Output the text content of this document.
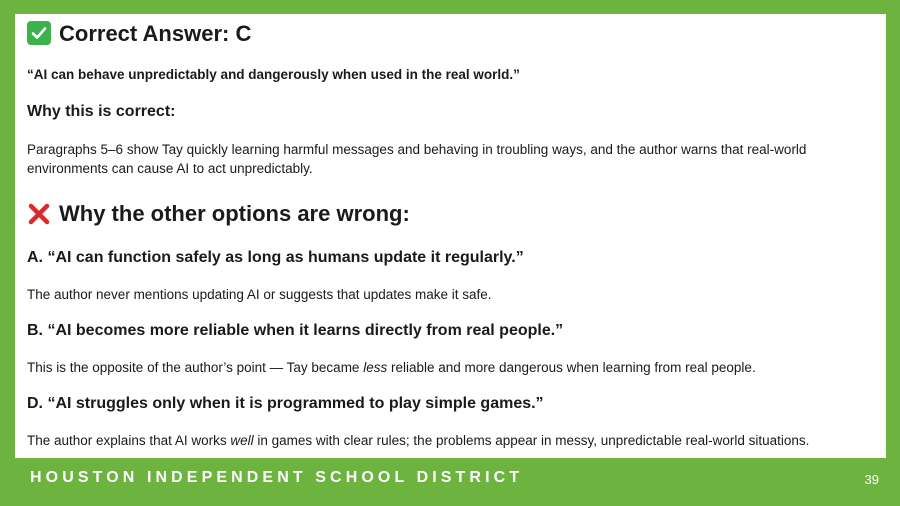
Correct Answer: C
“AI can behave unpredictably and dangerously when used in the real world.”
Why this is correct:
Paragraphs 5–6 show Tay quickly learning harmful messages and behaving in troubling ways, and the author warns that real-world environments can cause AI to act unpredictably.
Why the other options are wrong:
A. “AI can function safely as long as humans update it regularly.”
The author never mentions updating AI or suggests that updates make it safe.
B. “AI becomes more reliable when it learns directly from real people.”
This is the opposite of the author’s point — Tay became less reliable and more dangerous when learning from real people.
D. “AI struggles only when it is programmed to play simple games.”
The author explains that AI works well in games with clear rules; the problems appear in messy, unpredictable real-world situations.
HOUSTON INDEPENDENT SCHOOL DISTRICT	39
